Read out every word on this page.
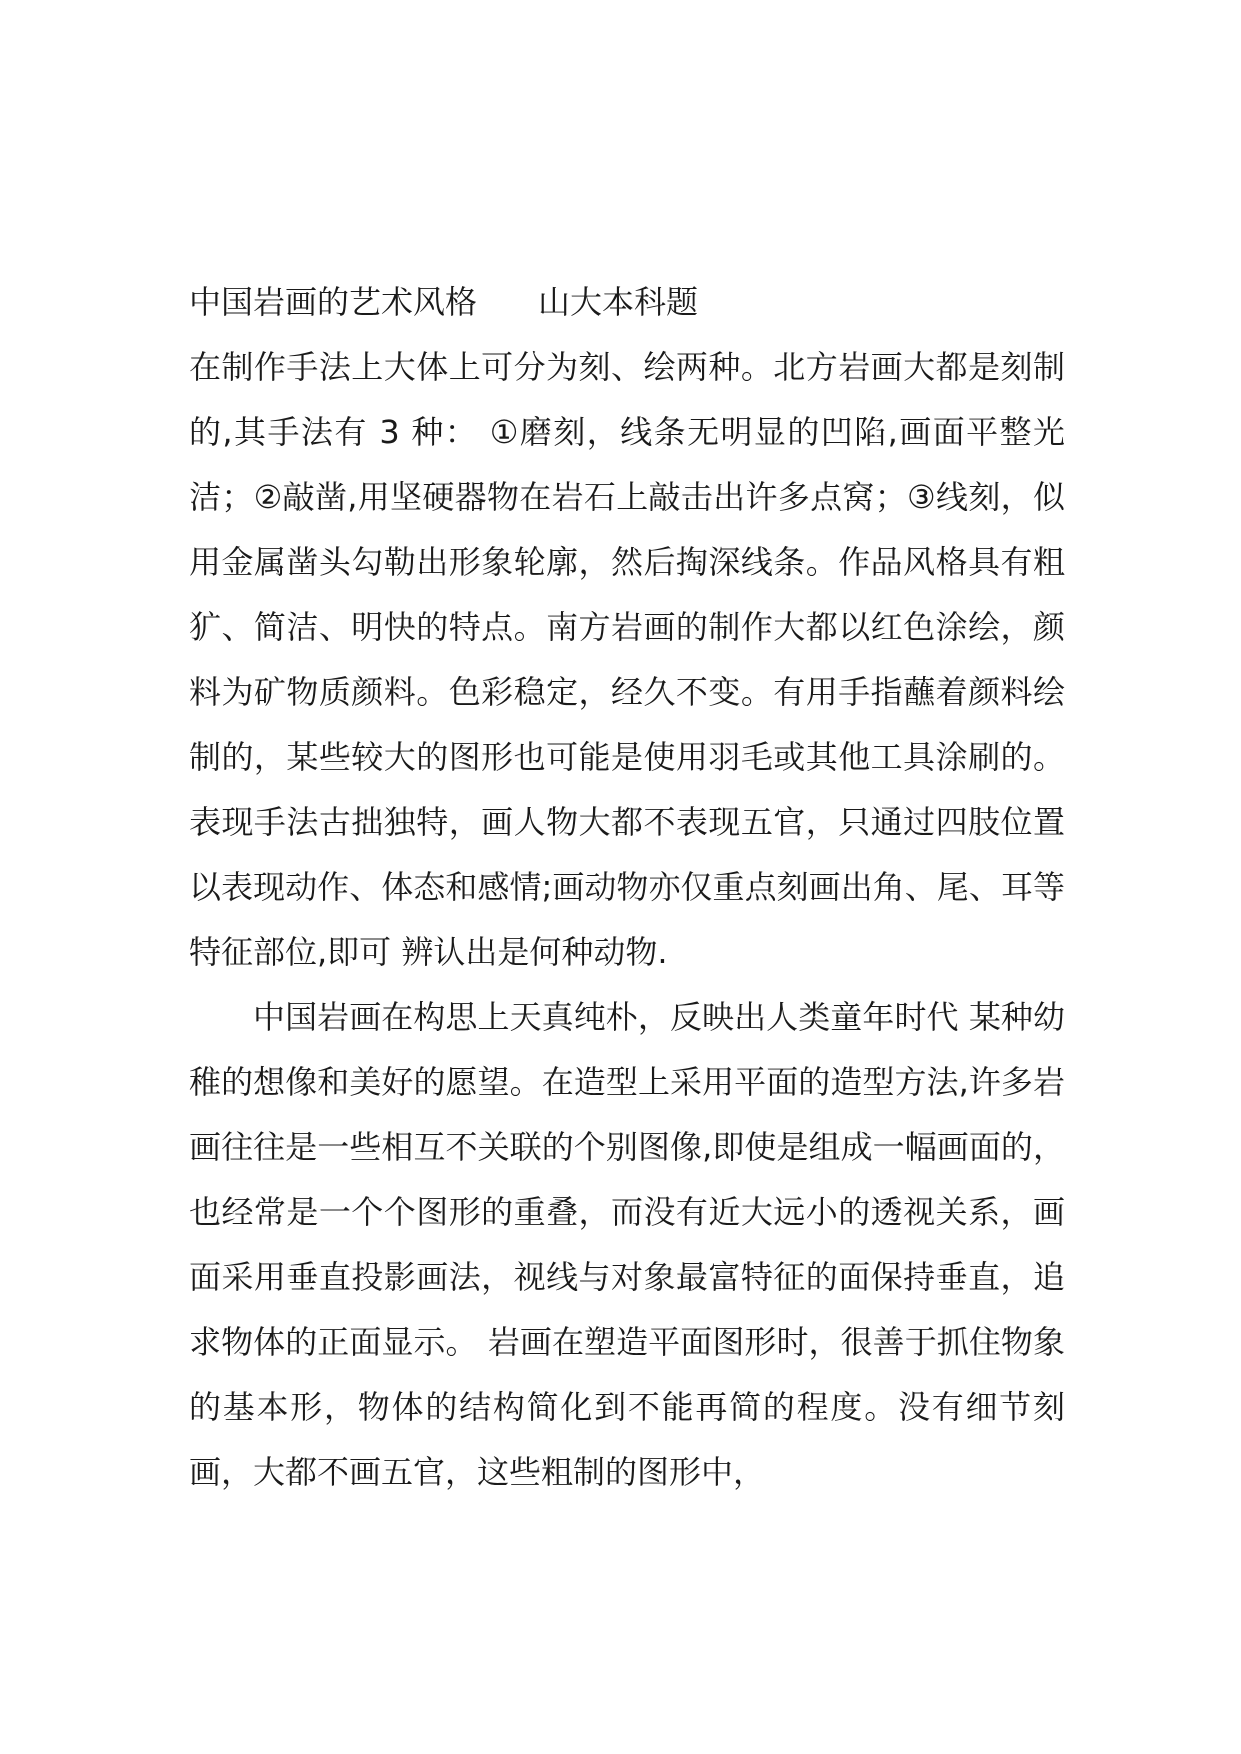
中国岩画的艺术风格      山大本科题

在制作手法上大体上可分为刻、绘两种。北方岩画大都是刻制的,其手法有 3 种： ①磨刻，线条无明显的凹陷,画面平整光洁；②敲凿,用坚硬器物在岩石上敲击出许多点窝；③线刻，似用金属凿头勾勒出形象轮廓，然后掏深线条。作品风格具有粗犷、简洁、明快的特点。南方岩画的制作大都以红色涂绘，颜料为矿物质颜料。色彩稳定，经久不变。有用手指蘸着颜料绘制的，某些较大的图形也可能是使用羽毛或其他工具涂刷的。表现手法古拙独特，画人物大都不表现五官，只通过四肢位置以表现动作、体态和感情;画动物亦仅重点刻画出角、尾、耳等特征部位,即可 辨认出是何种动物.

中国岩画在构思上天真纯朴，反映出人类童年时代 某种幼稚的想像和美好的愿望。在造型上采用平面的造型方法,许多岩画往往是一些相互不关联的个别图像,即使是组成一幅画面的，也经常是一个个图形的重叠，而没有近大远小的透视关系，画面采用垂直投影画法，视线与对象最富特征的面保持垂直，追求物体的正面显示。 岩画在塑造平面图形时，很善于抓住物象的基本形，物体的结构简化到不能再简的程度。没有细节刻画，大都不画五官，这些粗制的图形中，
